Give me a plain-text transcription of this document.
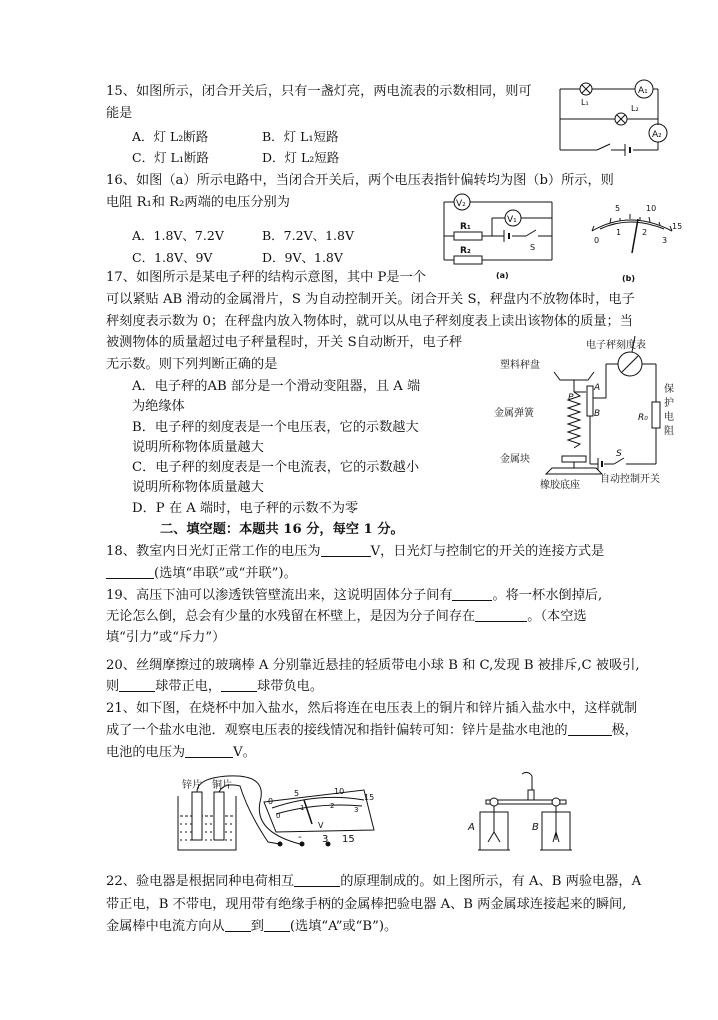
15、如图所示，闭合开关后，只有一盏灯亮，两电流表的示数相同，则可
能是
A．灯 L₂断路	B．灯 L₁短路
C．灯 L₁断路	D．灯 L₂短路
L₁
L₂
A₁
A₂
16、如图（a）所示电路中，当闭合开关后，两个电压表指针偏转均为图（b）所示，则
电阻 R₁和 R₂两端的电压分别为
A．1.8V、7.2V	B．7.2V、1.8V
C．1.8V、9V	D．9V、1.8V
V₂
V₁
R₁
R₂	S
(a)
5	10
15
0
1	2
3
(b)
17、如图所示是某电子秤的结构示意图，其中 P是一个
可以紧贴 AB 滑动的金属滑片，S 为自动控制开关。闭合开关 S，秤盘内不放物体时，电子
秤刻度表示数为 0；在秤盘内放入物体时，就可以从电子秤刻度表上读出该物体的质量；当
被测物体的质量超过电子秤量程时，开关 S自动断开，电子秤
无示数。则下列判断正确的是
A．电子秤的AB 部分是一个滑动变阻器，且 A 端
为绝缘体
B．电子秤的刻度表是一个电压表，它的示数越大
说明所称物体质量越大
C．电子秤的刻度表是一个电流表，它的示数越小
说明所称物体质量越大
D．P 在 A 端时，电子秤的示数不为零
电子秤刻度表
塑料秤盘
金属弹簧
金属块
橡胶底座
自动控制开关
保
护
电
阻
R₀
A
B
P
S
二、填空题：本题共 16 分，每空 1 分。
18、教室内日光灯正常工作的电压为	V，日光灯与控制它的开关的连接方式是
(选填“串联”或“并联”)。
19、高压下油可以渗透铁管壁流出来，这说明固体分子间有	。将一杯水倒掉后,
无论怎么倒，总会有少量的水残留在杯壁上，是因为分子间存在	。（本空选
填“引力”或“斥力”）
20、丝绸摩擦过的玻璃棒 A 分别靠近悬挂的轻质带电小球 B 和 C,发现 B 被排斥,C 被吸引,
则	球带正电，	球带负电。
21、如下图，在烧杯中加入盐水，然后将连在电压表上的铜片和锌片插入盐水中，这样就制
成了一个盐水电池．观察电压表的接线情况和指针偏转可知：锌片是盐水电池的	极，
电池的电压为	V。
锌片 铜片
0
5	10
15
0
1	2	3
V
- 3 15
A	B
22、验电器是根据同种电荷相互	的原理制成的。如上图所示，有 A、B 两验电器，A
带正电，B 不带电，现用带有绝缘手柄的金属棒把验电器 A、B 两金属球连接起来的瞬间,
金属棒中电流方向从 到 (选填“A”或“B”)。
